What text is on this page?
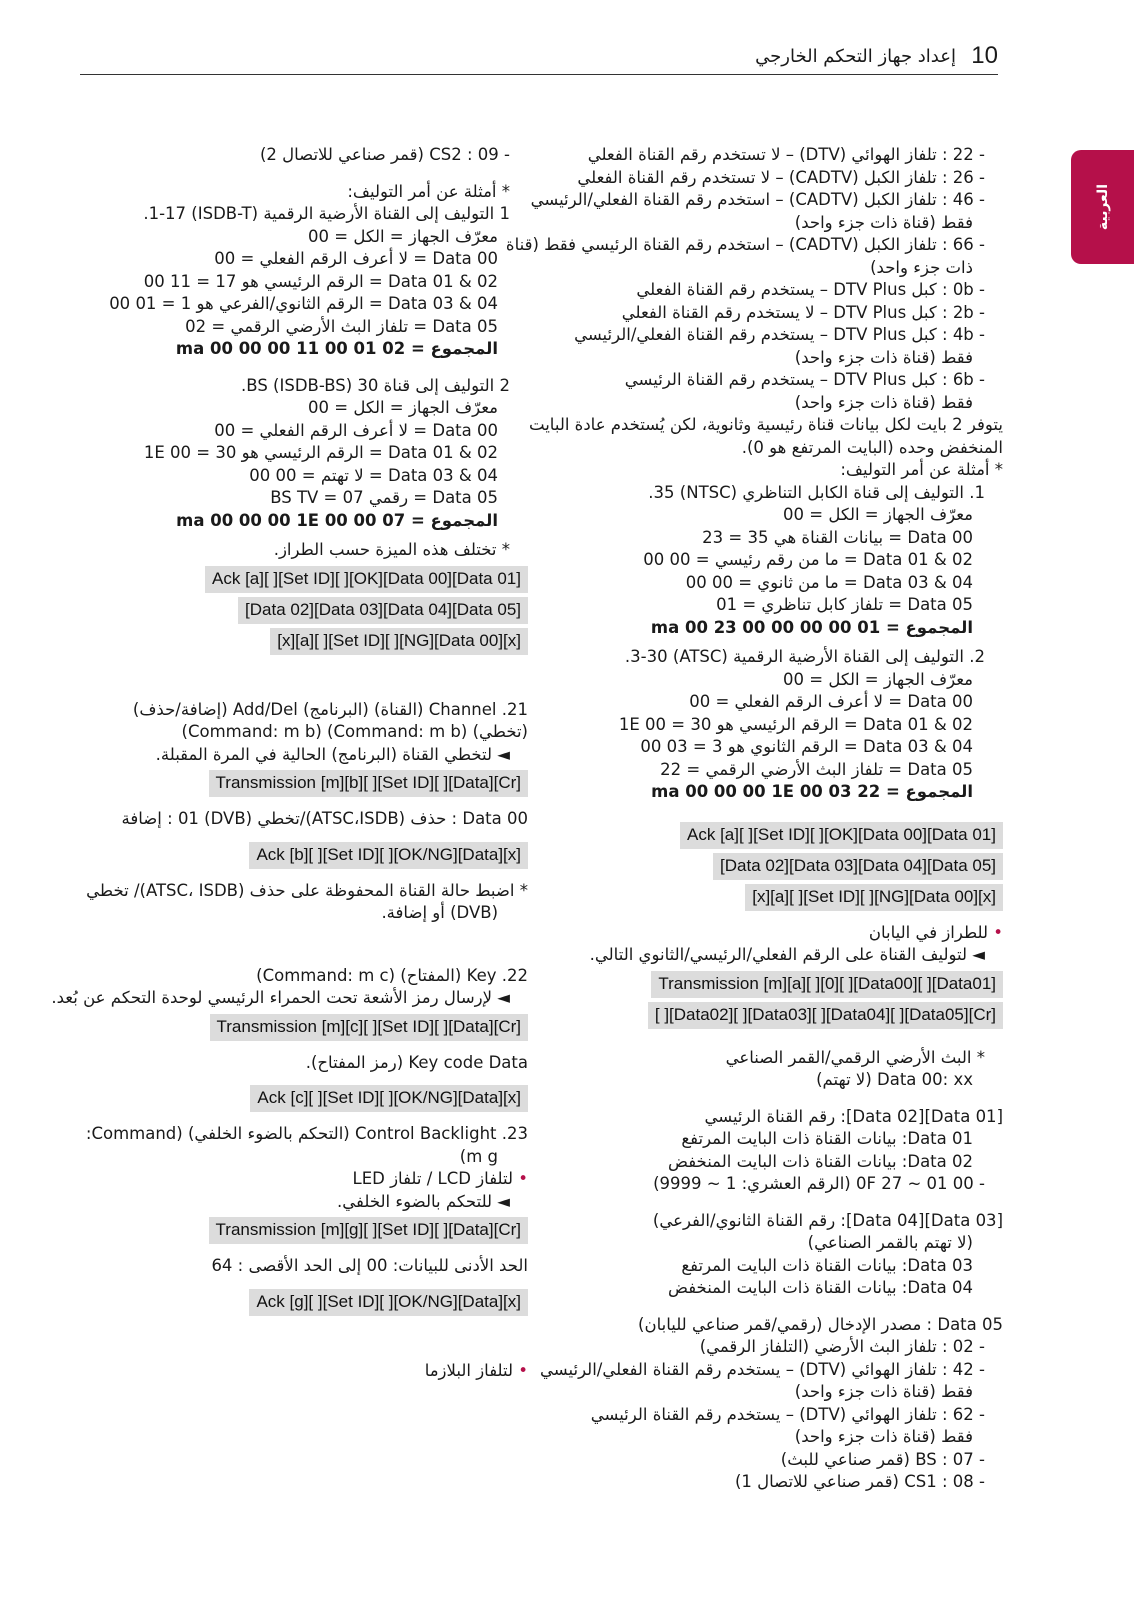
10
إعداد جهاز التحكم الخارجي
العربية
- 22 : تلفاز الهوائي (DTV) – لا تستخدم رقم القناة الفعلي
- 26 : تلفاز الكبل (CADTV) – لا تستخدم رقم القناة الفعلي
- 46 : تلفاز الكبل (CADTV) – استخدم رقم القناة الفعلي/الرئيسي
فقط (قناة ذات جزء واحد)
- 66 : تلفاز الكبل (CADTV) – استخدم رقم القناة الرئيسي فقط (قناة
ذات جزء واحد)
- 0b : كبل DTV Plus – يستخدم رقم القناة الفعلي
- 2b : كبل DTV Plus – لا يستخدم رقم القناة الفعلي
- 4b : كبل DTV Plus – يستخدم رقم القناة الفعلي/الرئيسي
فقط (قناة ذات جزء واحد)
- 6b : كبل DTV Plus – يستخدم رقم القناة الرئيسي
فقط (قناة ذات جزء واحد)
يتوفر 2 بايت لكل بيانات قناة رئيسية وثانوية، لكن يُستخدم عادة البايت
المنخفض وحده (البايت المرتفع هو 0).
* أمثلة عن أمر التوليف:
1. التوليف إلى قناة الكابل التناظري (NTSC) 35.
معرّف الجهاز = الكل = 00
Data 00 = بيانات القناة هي 35 = 23
Data 01 & 02 = ما من رقم رئيسي = 00 00
Data 03 & 04 = ما من ثانوي = 00 00
Data 05 = تلفاز كابل تناظري = 01
المجموع = ma 00 23 00 00 00 00 01
2. التوليف إلى القناة الأرضية الرقمية (ATSC) 3-30.
معرّف الجهاز = الكل = 00
Data 00 = لا أعرف الرقم الفعلي = 00
Data 01 & 02 = الرقم الرئيسي هو 30 = 1E 00
Data 03 & 04 = الرقم الثانوي هو 3 = 03 00
Data 05 = تلفاز البث الأرضي الرقمي = 22
المجموع = ma 00 00 00 1E 00 03 22
Ack [a][ ][Set ID][ ][OK][Data 00][Data 01]
[Data 02][Data 03][Data 04][Data 05]
[x][a][ ][Set ID][ ][NG][Data 00][x]
• للطراز في اليابان
◄ لتوليف القناة على الرقم الفعلي/الرئيسي/الثانوي التالي.
Transmission [m][a][ ][0][ ][Data00][ ][Data01]
[ ][Data02][ ][Data03][ ][Data04][ ][Data05][Cr]
* البث الأرضي الرقمي/القمر الصناعي
Data 00: xx (لا تهتم)
[Data 01][Data 02]: رقم القناة الرئيسي
Data 01: بيانات القناة ذات البايت المرتفع
Data 02: بيانات القناة ذات البايت المنخفض
- 00 01 ~ 27 0F (الرقم العشري: 1 ~ 9999)
[Data 03][Data 04]: رقم القناة الثانوي/الفرعي)
(لا تهتم بالقمر الصناعي)
Data 03: بيانات القناة ذات البايت المرتفع
Data 04: بيانات القناة ذات البايت المنخفض
Data 05 : مصدر الإدخال (رقمي/قمر صناعي لليابان)
- 02 : تلفاز البث الأرضي (التلفاز الرقمي)
- 42 : تلفاز الهوائي (DTV) – يستخدم رقم القناة الفعلي/الرئيسي
فقط (قناة ذات جزء واحد)
- 62 : تلفاز الهوائي (DTV) – يستخدم رقم القناة الرئيسي
فقط (قناة ذات جزء واحد)
- 07 : BS (قمر صناعي للبث)
- 08 : CS1 (قمر صناعي للاتصال 1)
- 09 : CS2 (قمر صناعي للاتصال 2)
* أمثلة عن أمر التوليف:
1 التوليف إلى القناة الأرضية الرقمية (ISDB-T) 1-17.
معرّف الجهاز = الكل = 00
Data 00 = لا أعرف الرقم الفعلي = 00
Data 01 & 02 = الرقم الرئيسي هو 17 = 11 00
Data 03 & 04 = الرقم الثانوي/الفرعي هو 1 = 01 00
Data 05 = تلفاز البث الأرضي الرقمي = 02
المجموع = ma 00 00 00 11 00 01 02
2 التوليف إلى قناة BS (ISDB-BS) 30.
معرّف الجهاز = الكل = 00
Data 00 = لا أعرف الرقم الفعلي = 00
Data 01 & 02 = الرقم الرئيسي هو 30 = 1E 00
Data 03 & 04 = لا تهتم = 00 00
Data 05 = رقمي BS TV = 07
المجموع = ma 00 00 00 1E 00 00 07
* تختلف هذه الميزة حسب الطراز.
Ack [a][ ][Set ID][ ][OK][Data 00][Data 01]
[Data 02][Data 03][Data 04][Data 05]
[x][a][ ][Set ID][ ][NG][Data 00][x]
21. Channel (القناة) (البرنامج) Add/Del (إضافة/حذف)
(تخطي) (Command: m b) (Command: m b)
◄ لتخطي القناة (البرنامج) الحالية في المرة المقبلة.
Transmission [m][b][ ][Set ID][ ][Data][Cr]
Data 00 : حذف (ATSC،ISDB)/تخطي (DVB) 01 : إضافة
Ack [b][ ][Set ID][ ][OK/NG][Data][x]
* اضبط حالة القناة المحفوظة على حذف (ATSC، ISDB)/ تخطي
(DVB) أو إضافة.
22. Key (المفتاح) (Command: m c)
◄ لإرسال رمز الأشعة تحت الحمراء الرئيسي لوحدة التحكم عن بُعد.
Transmission [m][c][ ][Set ID][ ][Data][Cr]
Key code Data (رمز المفتاح).
Ack [c][ ][Set ID][ ][OK/NG][Data][x]
23. Control Backlight (التحكم بالضوء الخلفي) (Command:
m g)
• لتلفاز LCD / تلفاز LED
◄ للتحكم بالضوء الخلفي.
Transmission [m][g][ ][Set ID][ ][Data][Cr]
الحد الأدنى للبيانات: 00 إلى الحد الأقصى : 64
Ack [g][ ][Set ID][ ][OK/NG][Data][x]
• لتلفاز البلازما
